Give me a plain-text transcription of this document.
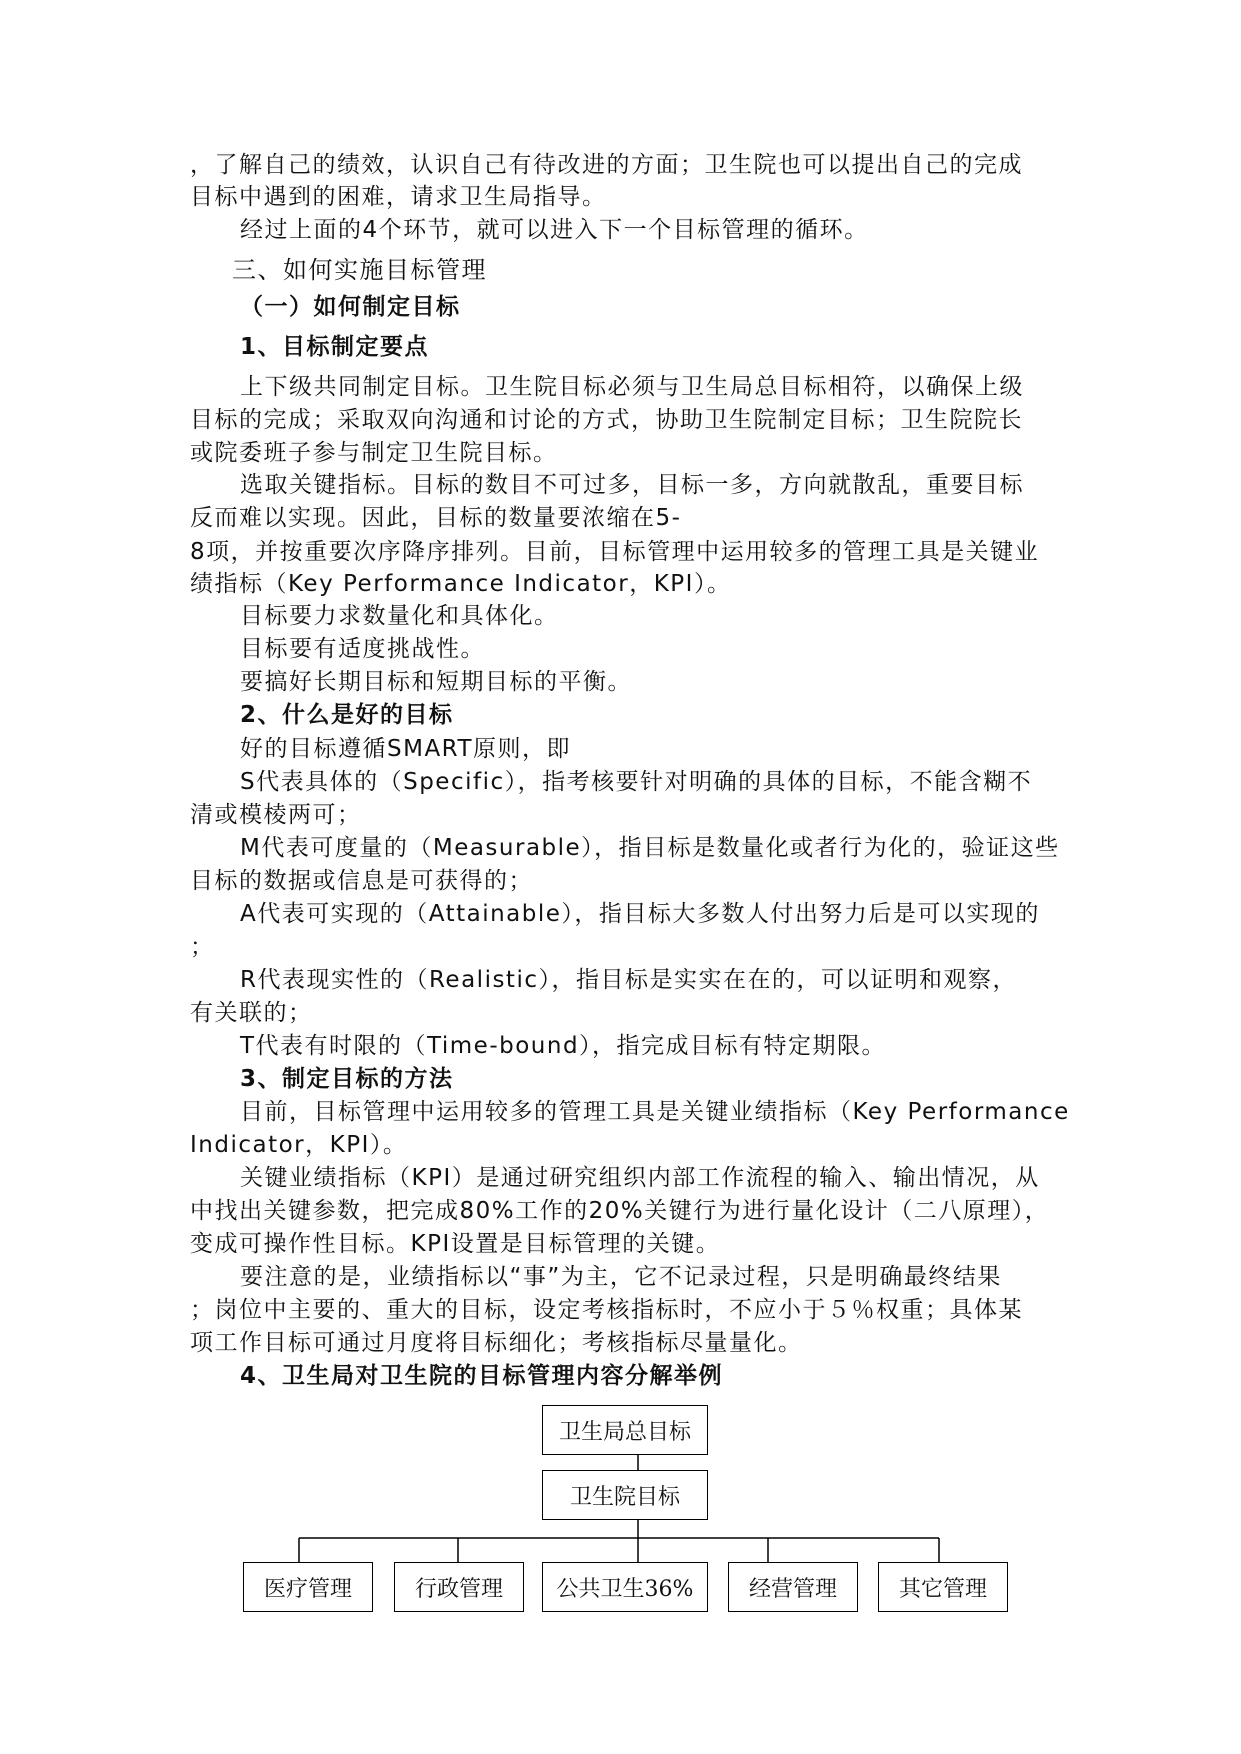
，了解自己的绩效，认识自己有待改进的方面；卫生院也可以提出自己的完成
目标中遇到的困难，请求卫生局指导。
经过上面的4个环节，就可以进入下一个目标管理的循环。
三、如何实施目标管理
（一）如何制定目标
1、目标制定要点
上下级共同制定目标。卫生院目标必须与卫生局总目标相符，以确保上级
目标的完成；采取双向沟通和讨论的方式，协助卫生院制定目标；卫生院院长
或院委班子参与制定卫生院目标。
选取关键指标。目标的数目不可过多，目标一多，方向就散乱，重要目标
反而难以实现。因此，目标的数量要浓缩在5-
8项，并按重要次序降序排列。目前，目标管理中运用较多的管理工具是关键业
绩指标（Key Performance Indicator，KPI）。
目标要力求数量化和具体化。
目标要有适度挑战性。
要搞好长期目标和短期目标的平衡。
2、什么是好的目标
好的目标遵循SMART原则，即
S代表具体的（Specific），指考核要针对明确的具体的目标，不能含糊不
清或模棱两可；
M代表可度量的（Measurable），指目标是数量化或者行为化的，验证这些
目标的数据或信息是可获得的；
A代表可实现的（Attainable），指目标大多数人付出努力后是可以实现的
；
R代表现实性的（Realistic），指目标是实实在在的，可以证明和观察，
有关联的；
T代表有时限的（Time-bound），指完成目标有特定期限。
3、制定目标的方法
目前，目标管理中运用较多的管理工具是关键业绩指标（Key Performance
Indicator，KPI）。
关键业绩指标（KPI）是通过研究组织内部工作流程的输入、输出情况，从
中找出关键参数，把完成80%工作的20%关键行为进行量化设计（二八原理），
变成可操作性目标。KPI设置是目标管理的关键。
要注意的是，业绩指标以“事”为主，它不记录过程，只是明确最终结果
；岗位中主要的、重大的目标，设定考核指标时，不应小于５％权重；具体某
项工作目标可通过月度将目标细化；考核指标尽量量化。
4、卫生局对卫生院的目标管理内容分解举例
卫生局总目标
卫生院目标
医疗管理	行政管理	公共卫生36%	经营管理	其它管理
